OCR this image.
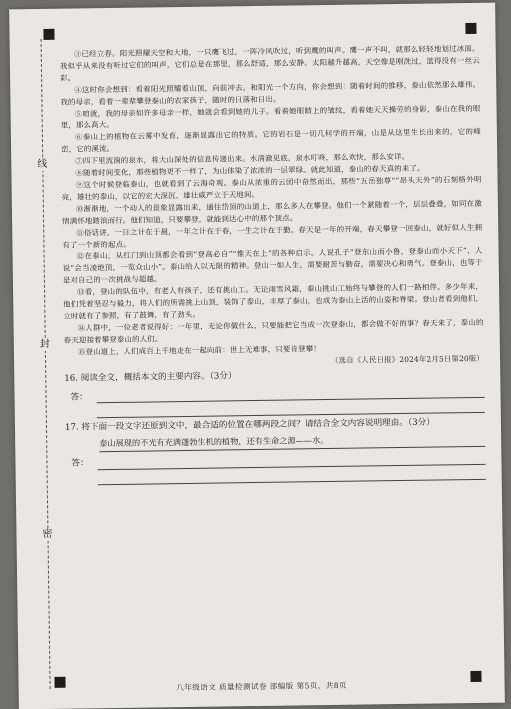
线
封
密

③已经立春。阳光照耀天空和大地，一只鹰飞过，一阵冷风吹过，听到鹰的叫声。鹰一声不叫，就那么轻轻地划过冰面。我似乎从来没有听过它们的叫声，它们总是在那里，那么舒适，那么安静。太阳越升越高，天空像是刚洗过，蓝得没有一丝云彩。

④这时你会想到：看着阳光照耀着山顶，向前冲去，和阳光一个方向，你会想到：随着时间的推移，泰山依然那么雄伟。我的母亲，看着一辈辈攀登泰山的农家孩子，随时的日落和日出。

⑤咱就，我的母亲如许多母亲一样，她就会看到她的儿子。看着她眼睛上的皱纹，看着她天天操劳的身影，泰山在我的眼里，那么高大。

⑥泰山上的植物在云雾中发育，逐渐显露出它的特质。它的岩石是一切几何学的开端，山是从这里生长出来的，它的峰峦，它的溪流。

⑦四下里流淌的泉水，将大山深处的信息传递出来。水清澈见底，泉水叮咚，那么欢快，那么安详。

⑧随着时间变化，那些植物更不一样了，为山体染了浓浓的一层翠绿。就此知道，泰山的春天真的来了。

⑨这个时候登临泰山，也就看到了云海奇观。泰山从浓重的云团中奋然而出，那些“五岳独尊”“昂头天外”的石刻格外明亮，雄壮的泰山，以它的宏大深沉、雄壮威严立于天地间。

⑩渐渐地，一个动人的景象显露出来，通往岱顶的山道上，那么多人在攀登。他们一个紧随着一个，层层叠叠，如同在激情满怀地踏浪而行。他们知道，只要攀登，就能到达心中的那个顶点。

⑪俗话讲，一日之计在于晨，一年之计在于春，一生之计在于勤。春天是一年的开端，春天攀登一回泰山，就好似人生拥有了一个新的起点。

⑫在泰山，从红门到山顶都会看到“登高必自”“惟天在上”的各种启示。人说孔子“登东山而小鲁，登泰山而小天下”，人说“会当凌绝顶，一览众山小”。泰山给人以无限的精神。登山一如人生，需要耐苦与勤奋，需要决心和勇气。登泰山，也等于是对自己的一次挑战与超越。

⑬看，登山的队伍中，有老人有孩子，还有挑山工。无论雨雪风霜，泰山挑山工始终与攀登的人们一路相伴。多少年来，他们凭着坚忍与毅力，将人们的所需挑上山顶，装饰了泰山，丰厚了泰山，也成为泰山上活的山姿和脊梁。登山者看到他们，立时就有了参照，有了鼓舞，有了劲头。

⑭人群中，一位老者说得好：一年里，无论你做什么，只要能把它当成一次登泰山，都会做不好的事？春天来了，泰山的春天迎接着攀登泰山的人们。

⑮登山道上，人们成百上千地走在一起向前：世上无难事，只要肯登攀！

（选自《人民日报》2024年2月5日第20版）

16. 阅读全文，概括本文的主要内容。（3分）
答：
17. 将下面一段文字还原到文中，最合适的位置在哪两段之间？请结合全文内容说明理由。（3分）
泰山展现的不光有充满蓬勃生机的植物，还有生命之源——水。
答：
八年级语文 质量检测试卷 部编版 第5页，共8页
